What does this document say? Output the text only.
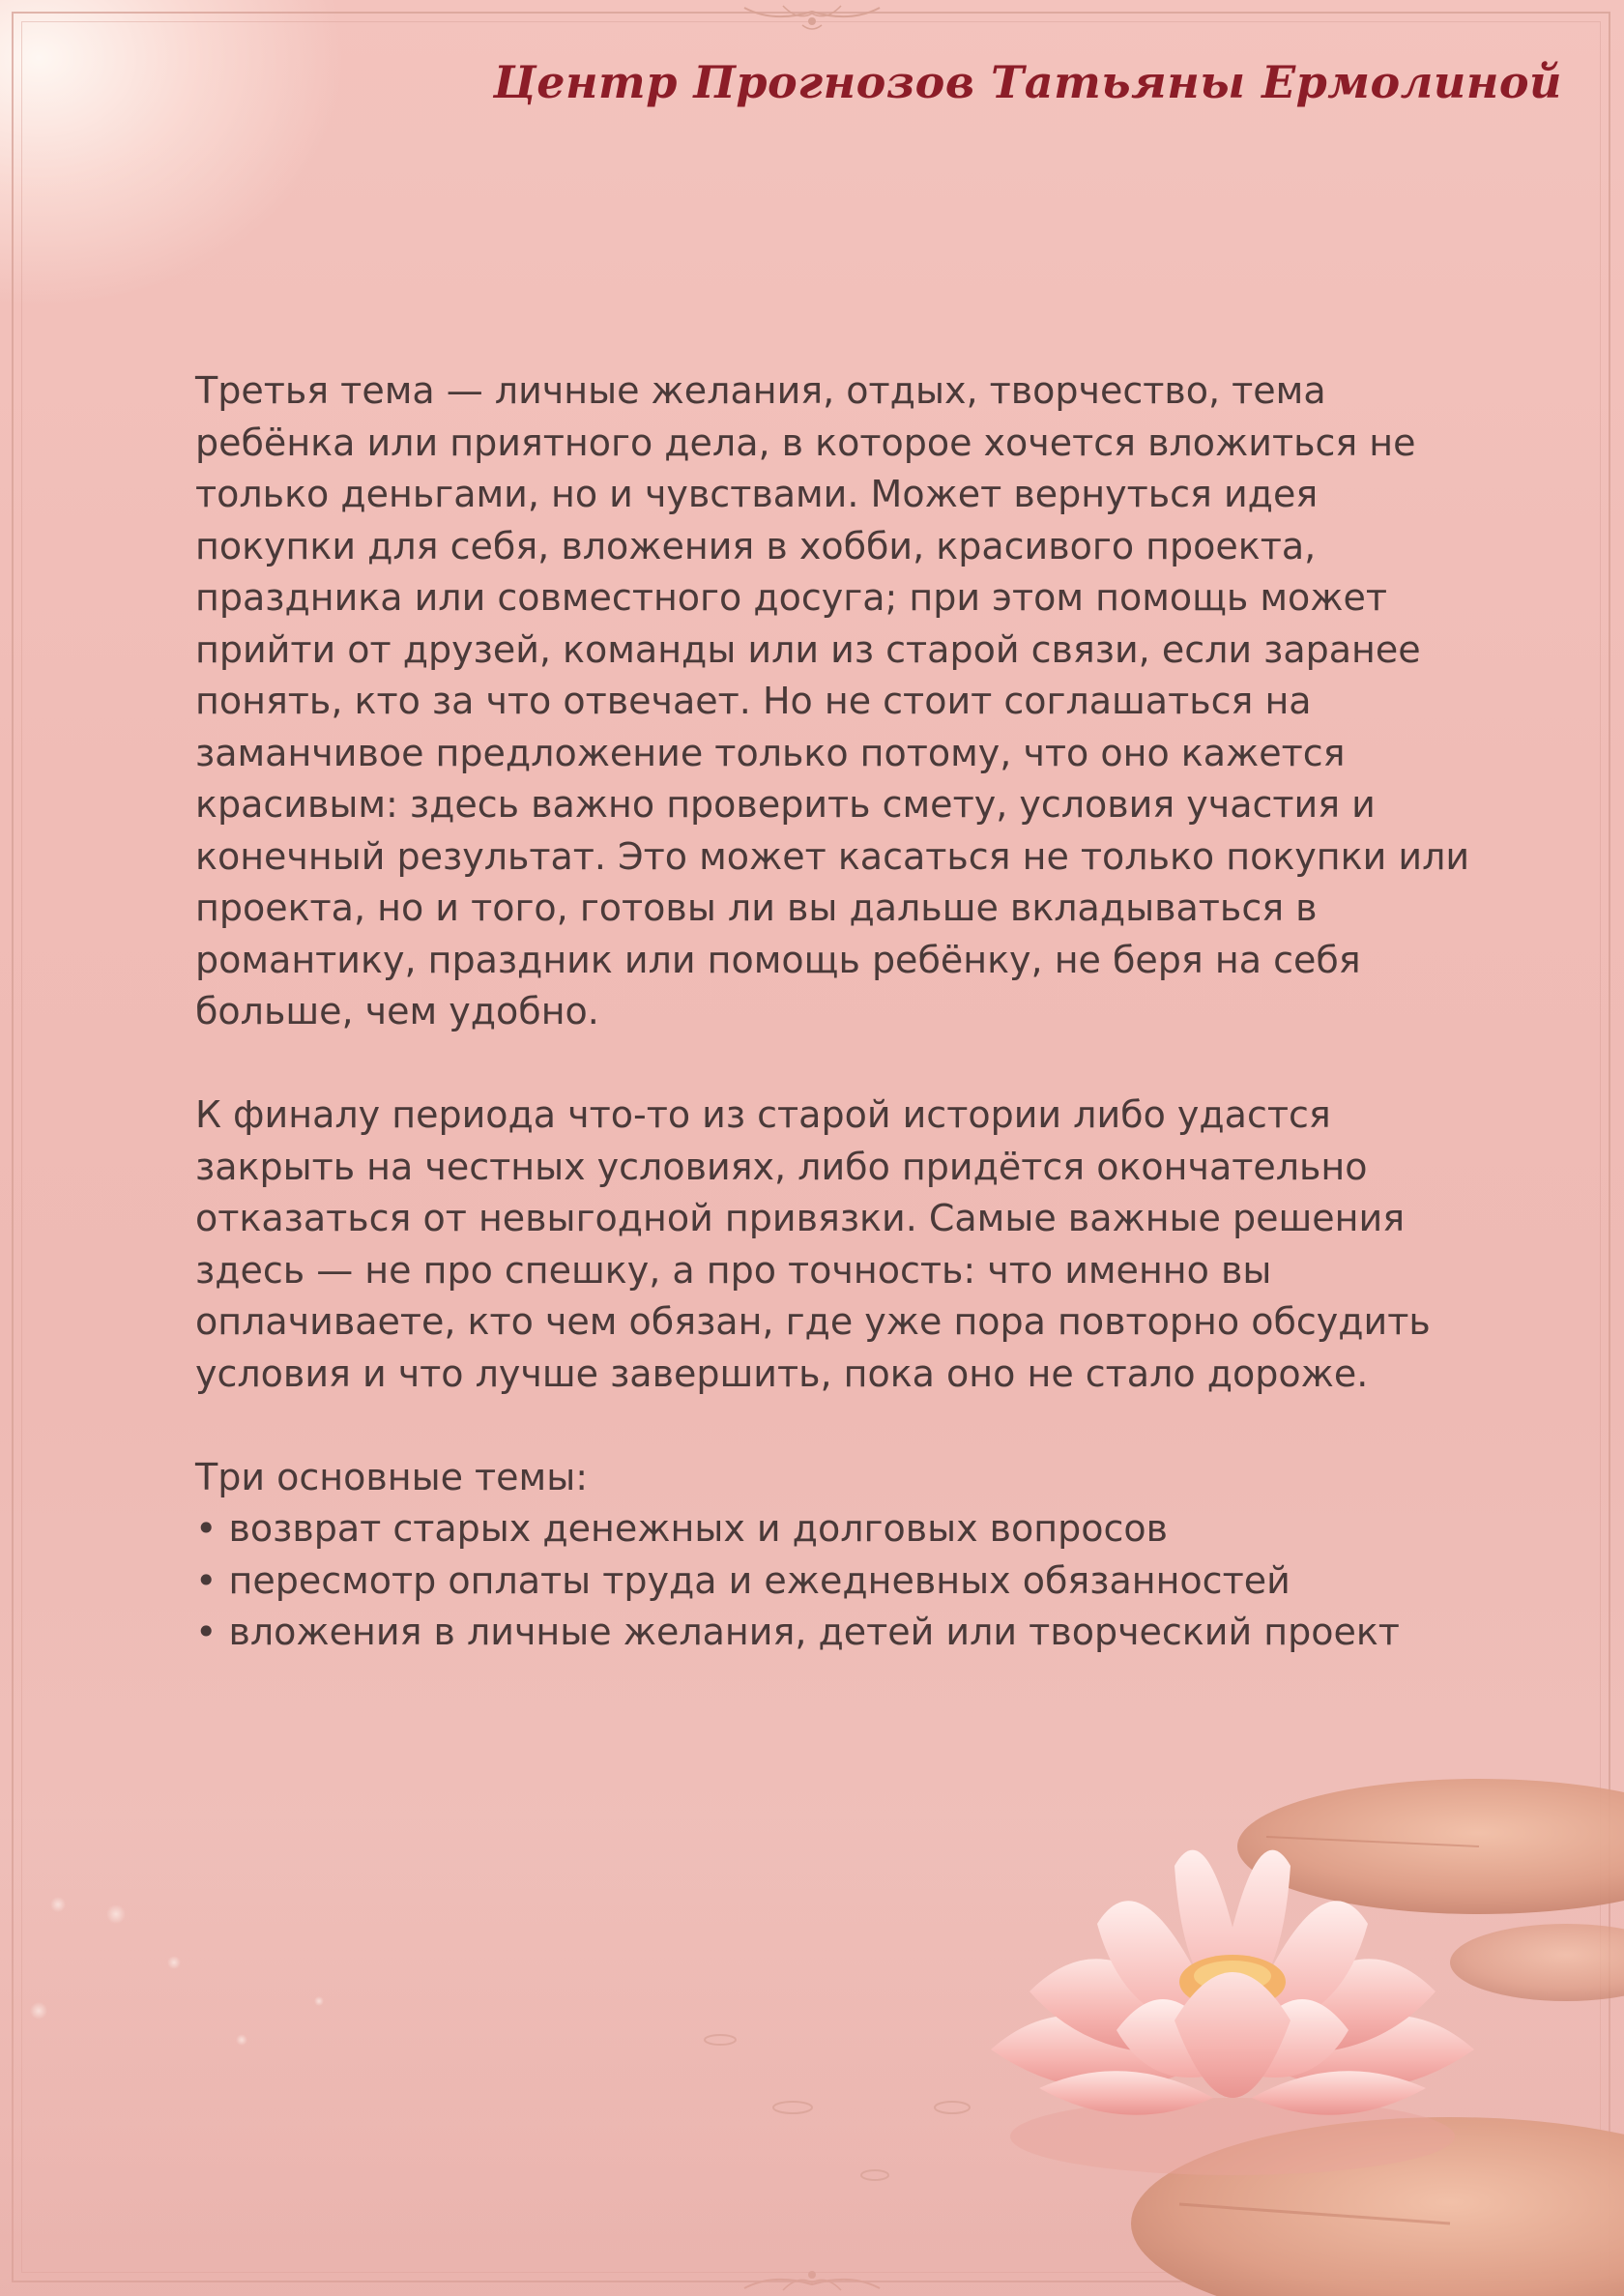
Центр Прогнозов Татьяны Ермолиной

Третья тема — личные желания, отдых, творчество, тема ребёнка или приятного дела, в которое хочется вложиться не только деньгами, но и чувствами. Может вернуться идея покупки для себя, вложения в хобби, красивого проекта, праздника или совместного досуга; при этом помощь может прийти от друзей, команды или из старой связи, если заранее понять, кто за что отвечает. Но не стоит соглашаться на заманчивое предложение только потому, что оно кажется красивым: здесь важно проверить смету, условия участия и конечный результат. Это может касаться не только покупки или проекта, но и того, готовы ли вы дальше вкладываться в романтику, праздник или помощь ребёнку, не беря на себя больше, чем удобно.

К финалу периода что-то из старой истории либо удастся закрыть на честных условиях, либо придётся окончательно отказаться от невыгодной привязки. Самые важные решения здесь — не про спешку, а про точность: что именно вы оплачиваете, кто чем обязан, где уже пора повторно обсудить условия и что лучше завершить, пока оно не стало дороже.

Три основные темы:

• возврат старых денежных и долговых вопросов

• пересмотр оплаты труда и ежедневных обязанностей

• вложения в личные желания, детей или творческий проект
